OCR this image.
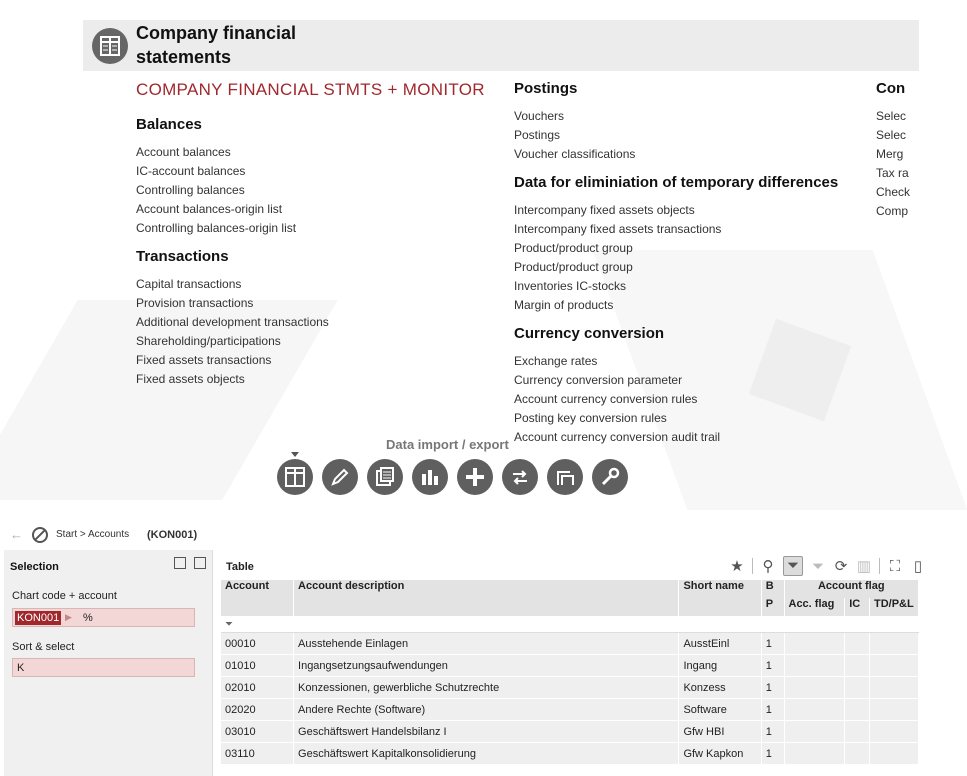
Company financial
statements
COMPANY FINANCIAL STMTS + MONITOR
Balances
Account balances
IC-account balances
Controlling balances
Account balances-origin list
Controlling balances-origin list
Transactions
Capital transactions
Provision transactions
Additional development transactions
Shareholding/participations
Fixed assets transactions
Fixed assets objects
Postings
Vouchers
Postings
Voucher classifications
Data for eliminiation of temporary differences
Intercompany fixed assets objects
Intercompany fixed assets transactions
Product/product group
Product/product group
Inventories IC-stocks
Margin of products
Currency conversion
Exchange rates
Currency conversion parameter
Account currency conversion rules
Posting key conversion rules
Account currency conversion audit trail
Con
Selec
Selec
Merg
Tax ra
Check
Comp
Data import / export
←	Start > Accounts (KON001)
Selection
Chart code + account
KON001 ▶ %
Sort & select
K
Table	★ ⚲ ⏷ ⏷ ⟳ ▥ ⛶ ▯
Account	Account description	Short name	B	Account flag		
			P	Acc. flag	IC	TD/P&L
⏷						
00010	Ausstehende Einlagen	AusstEinl	1			
01010	Ingangsetzungsaufwendungen	Ingang	1			
02010	Konzessionen, gewerbliche Schutzrechte	Konzess	1			
02020	Andere Rechte (Software)	Software	1			
03010	Geschäftswert Handelsbilanz I	Gfw HBI	1			
03110	Geschäftswert Kapitalkonsolidierung	Gfw Kapkon	1			
